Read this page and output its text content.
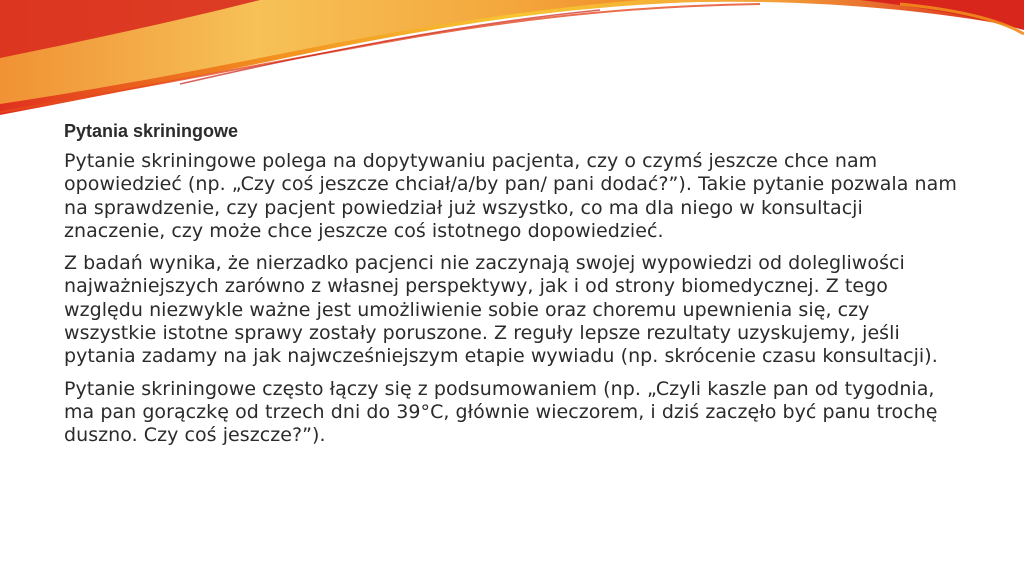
Pytania skriningowe

Pytanie skriningowe polega na dopytywaniu pacjenta, czy o czymś jeszcze chce nam opowiedzieć (np. „Czy coś jeszcze chciał/a/by pan/ pani dodać?”). Takie pytanie pozwala nam na sprawdzenie, czy pacjent powiedział już wszystko, co ma dla niego w konsultacji znaczenie, czy może chce jeszcze coś istotnego dopowiedzieć.

Z badań wynika, że nierzadko pacjenci nie zaczynają swojej wypowiedzi od dolegliwości najważniejszych zarówno z własnej perspektywy, jak i od strony biomedycznej. Z tego względu niezwykle ważne jest umożliwienie sobie oraz choremu upewnienia się, czy wszystkie istotne sprawy zostały poruszone. Z reguły lepsze rezultaty uzyskujemy, jeśli pytania zadamy na jak najwcześniejszym etapie wywiadu (np. skrócenie czasu konsultacji).

Pytanie skriningowe często łączy się z podsumowaniem (np. „Czyli kaszle pan od tygodnia, ma pan gorączkę od trzech dni do 39°C, głównie wieczorem, i dziś zaczęło być panu trochę duszno. Czy coś jeszcze?”).
